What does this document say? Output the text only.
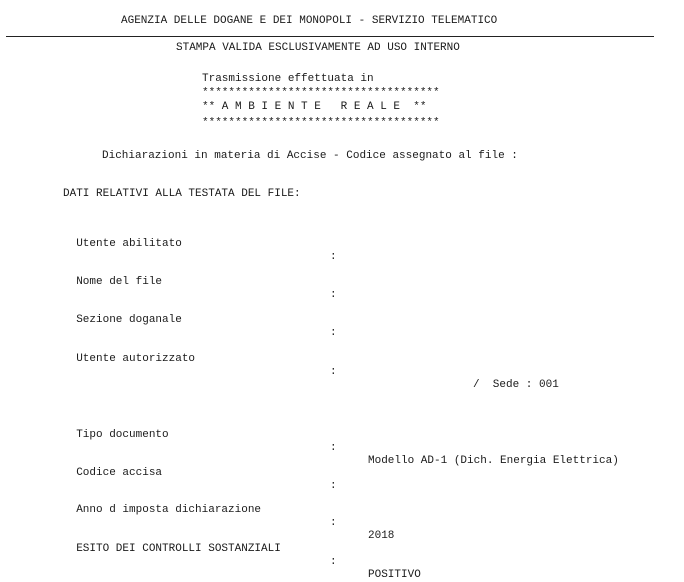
AGENZIA DELLE DOGANE E DEI MONOPOLI - SERVIZIO TELEMATICO
STAMPA VALIDA ESCLUSIVAMENTE AD USO INTERNO
Trasmissione effettuata in
************************************
** A M B I E N T E   R E A L E  **
************************************
Dichiarazioni in materia di Accise - Codice assegnato al file :
DATI RELATIVI ALLA TESTATA DEL FILE:

Utente abilitato

:

Nome del file

:

Sezione doganale

:

Utente autorizzato

:

/  Sede : 001

Tipo documento

:

Modello AD-1 (Dich. Energia Elettrica)

Codice accisa

:

Anno d imposta dichiarazione

:

2018

ESITO DEI CONTROLLI SOSTANZIALI

:

POSITIVO
